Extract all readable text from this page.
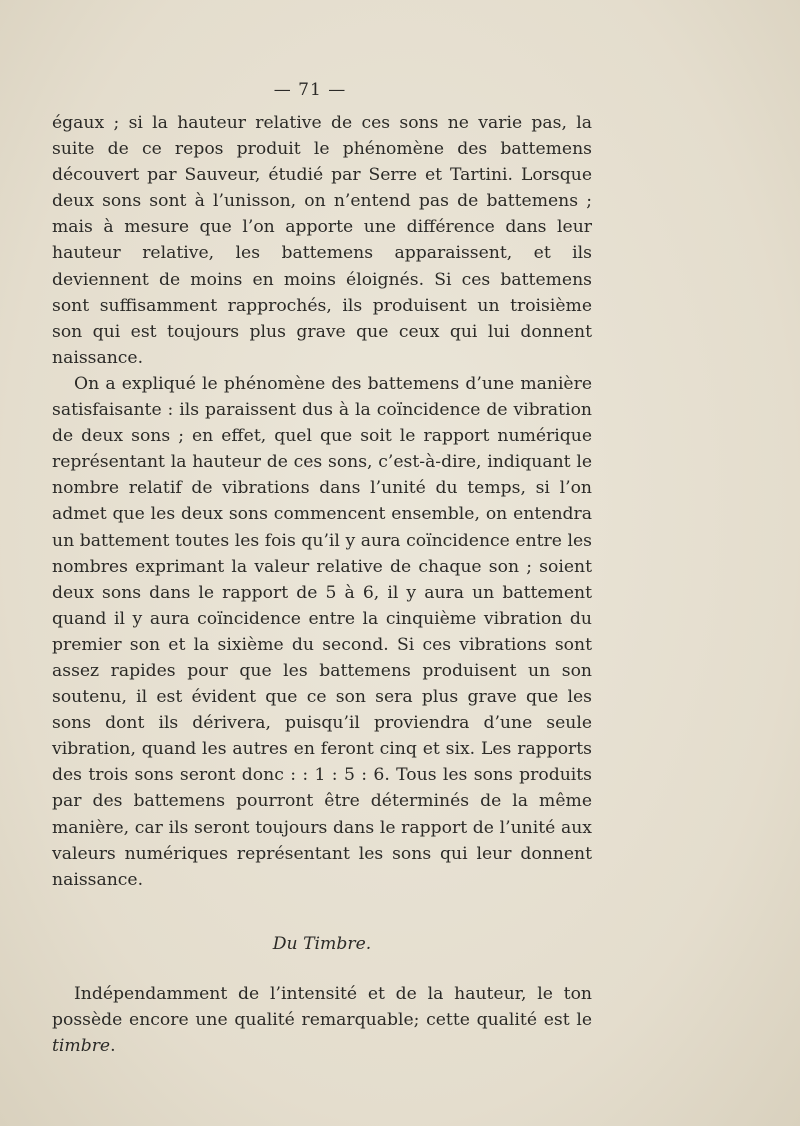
— 71 —

égaux ; si la hauteur relative de ces sons ne varie pas, la suite de ce repos produit le phénomène des battemens découvert par Sauveur, étudié par Serre et Tartini. Lorsque deux sons sont à l’unisson, on n’entend pas de battemens ; mais à mesure que l’on apporte une différence dans leur hauteur relative, les battemens apparaissent, et ils deviennent de moins en moins éloignés. Si ces battemens sont suffisamment rapprochés, ils produisent un troisième son qui est toujours plus grave que ceux qui lui donnent naissance.

On a expliqué le phénomène des battemens d’une manière satisfaisante : ils paraissent dus à la coïncidence de vibration de deux sons ; en effet, quel que soit le rapport numérique représentant la hauteur de ces sons, c’est-à-dire, indiquant le nombre relatif de vibrations dans l’unité du temps, si l’on admet que les deux sons commencent ensemble, on entendra un battement toutes les fois qu’il y aura coïncidence entre les nombres exprimant la valeur relative de chaque son ; soient deux sons dans le rapport de 5 à 6, il y aura un battement quand il y aura coïncidence entre la cinquième vibration du premier son et la sixième du second. Si ces vibrations sont assez rapides pour que les battemens produisent un son soutenu, il est évident que ce son sera plus grave que les sons dont ils dérivera, puisqu’il proviendra d’une seule vibration, quand les autres en feront cinq et six. Les rapports des trois sons seront donc : : 1 : 5 : 6. Tous les sons produits par des battemens pourront être déterminés de la même manière, car ils seront toujours dans le rapport de l’unité aux valeurs numériques représentant les sons qui leur donnent naissance.

Du Timbre.

Indépendamment de l’intensité et de la hauteur, le ton possède encore une qualité remarquable; cette qualité est le timbre.
